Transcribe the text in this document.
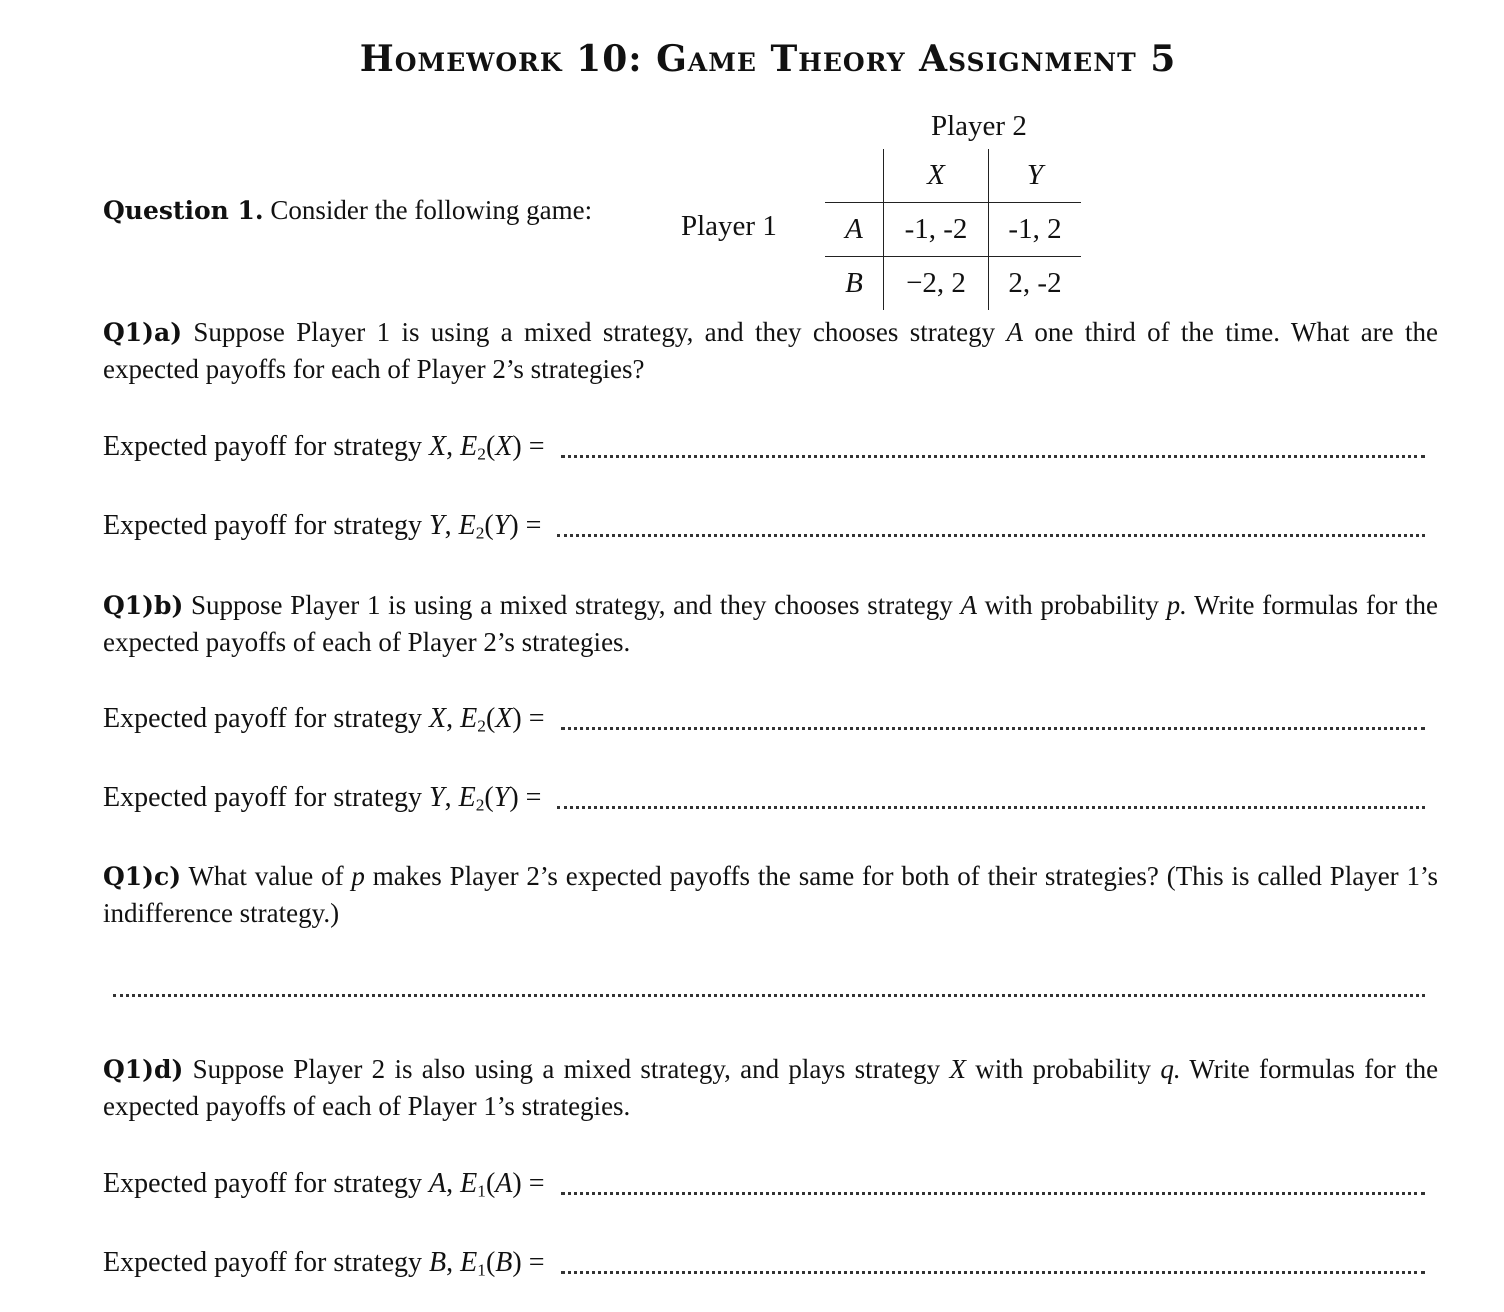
Homework 10: Game Theory Assignment 5
Question 1. Consider the following game:
Player 2
Player 1
	X	Y
A	-1, -2	-1, 2
B	−2, 2	2, -2
Q1)a) Suppose Player 1 is using a mixed strategy, and they chooses strategy A one third of the time. What are the expected payoffs for each of Player 2’s strategies?
Expected payoff for strategy X, $E_2(X)$ =
Expected payoff for strategy Y, $E_2(Y)$ =
Q1)b) Suppose Player 1 is using a mixed strategy, and they chooses strategy A with probability p. Write formulas for the expected payoffs of each of Player 2’s strategies.
Expected payoff for strategy X, $E_2(X)$ =
Expected payoff for strategy Y, $E_2(Y)$ =
Q1)c) What value of p makes Player 2’s expected payoffs the same for both of their strategies? (This is called Player 1’s indifference strategy.)
Q1)d) Suppose Player 2 is also using a mixed strategy, and plays strategy X with probability q. Write formulas for the expected payoffs of each of Player 1’s strategies.
Expected payoff for strategy A, $E_1(A)$ =
Expected payoff for strategy B, $E_1(B)$ =
